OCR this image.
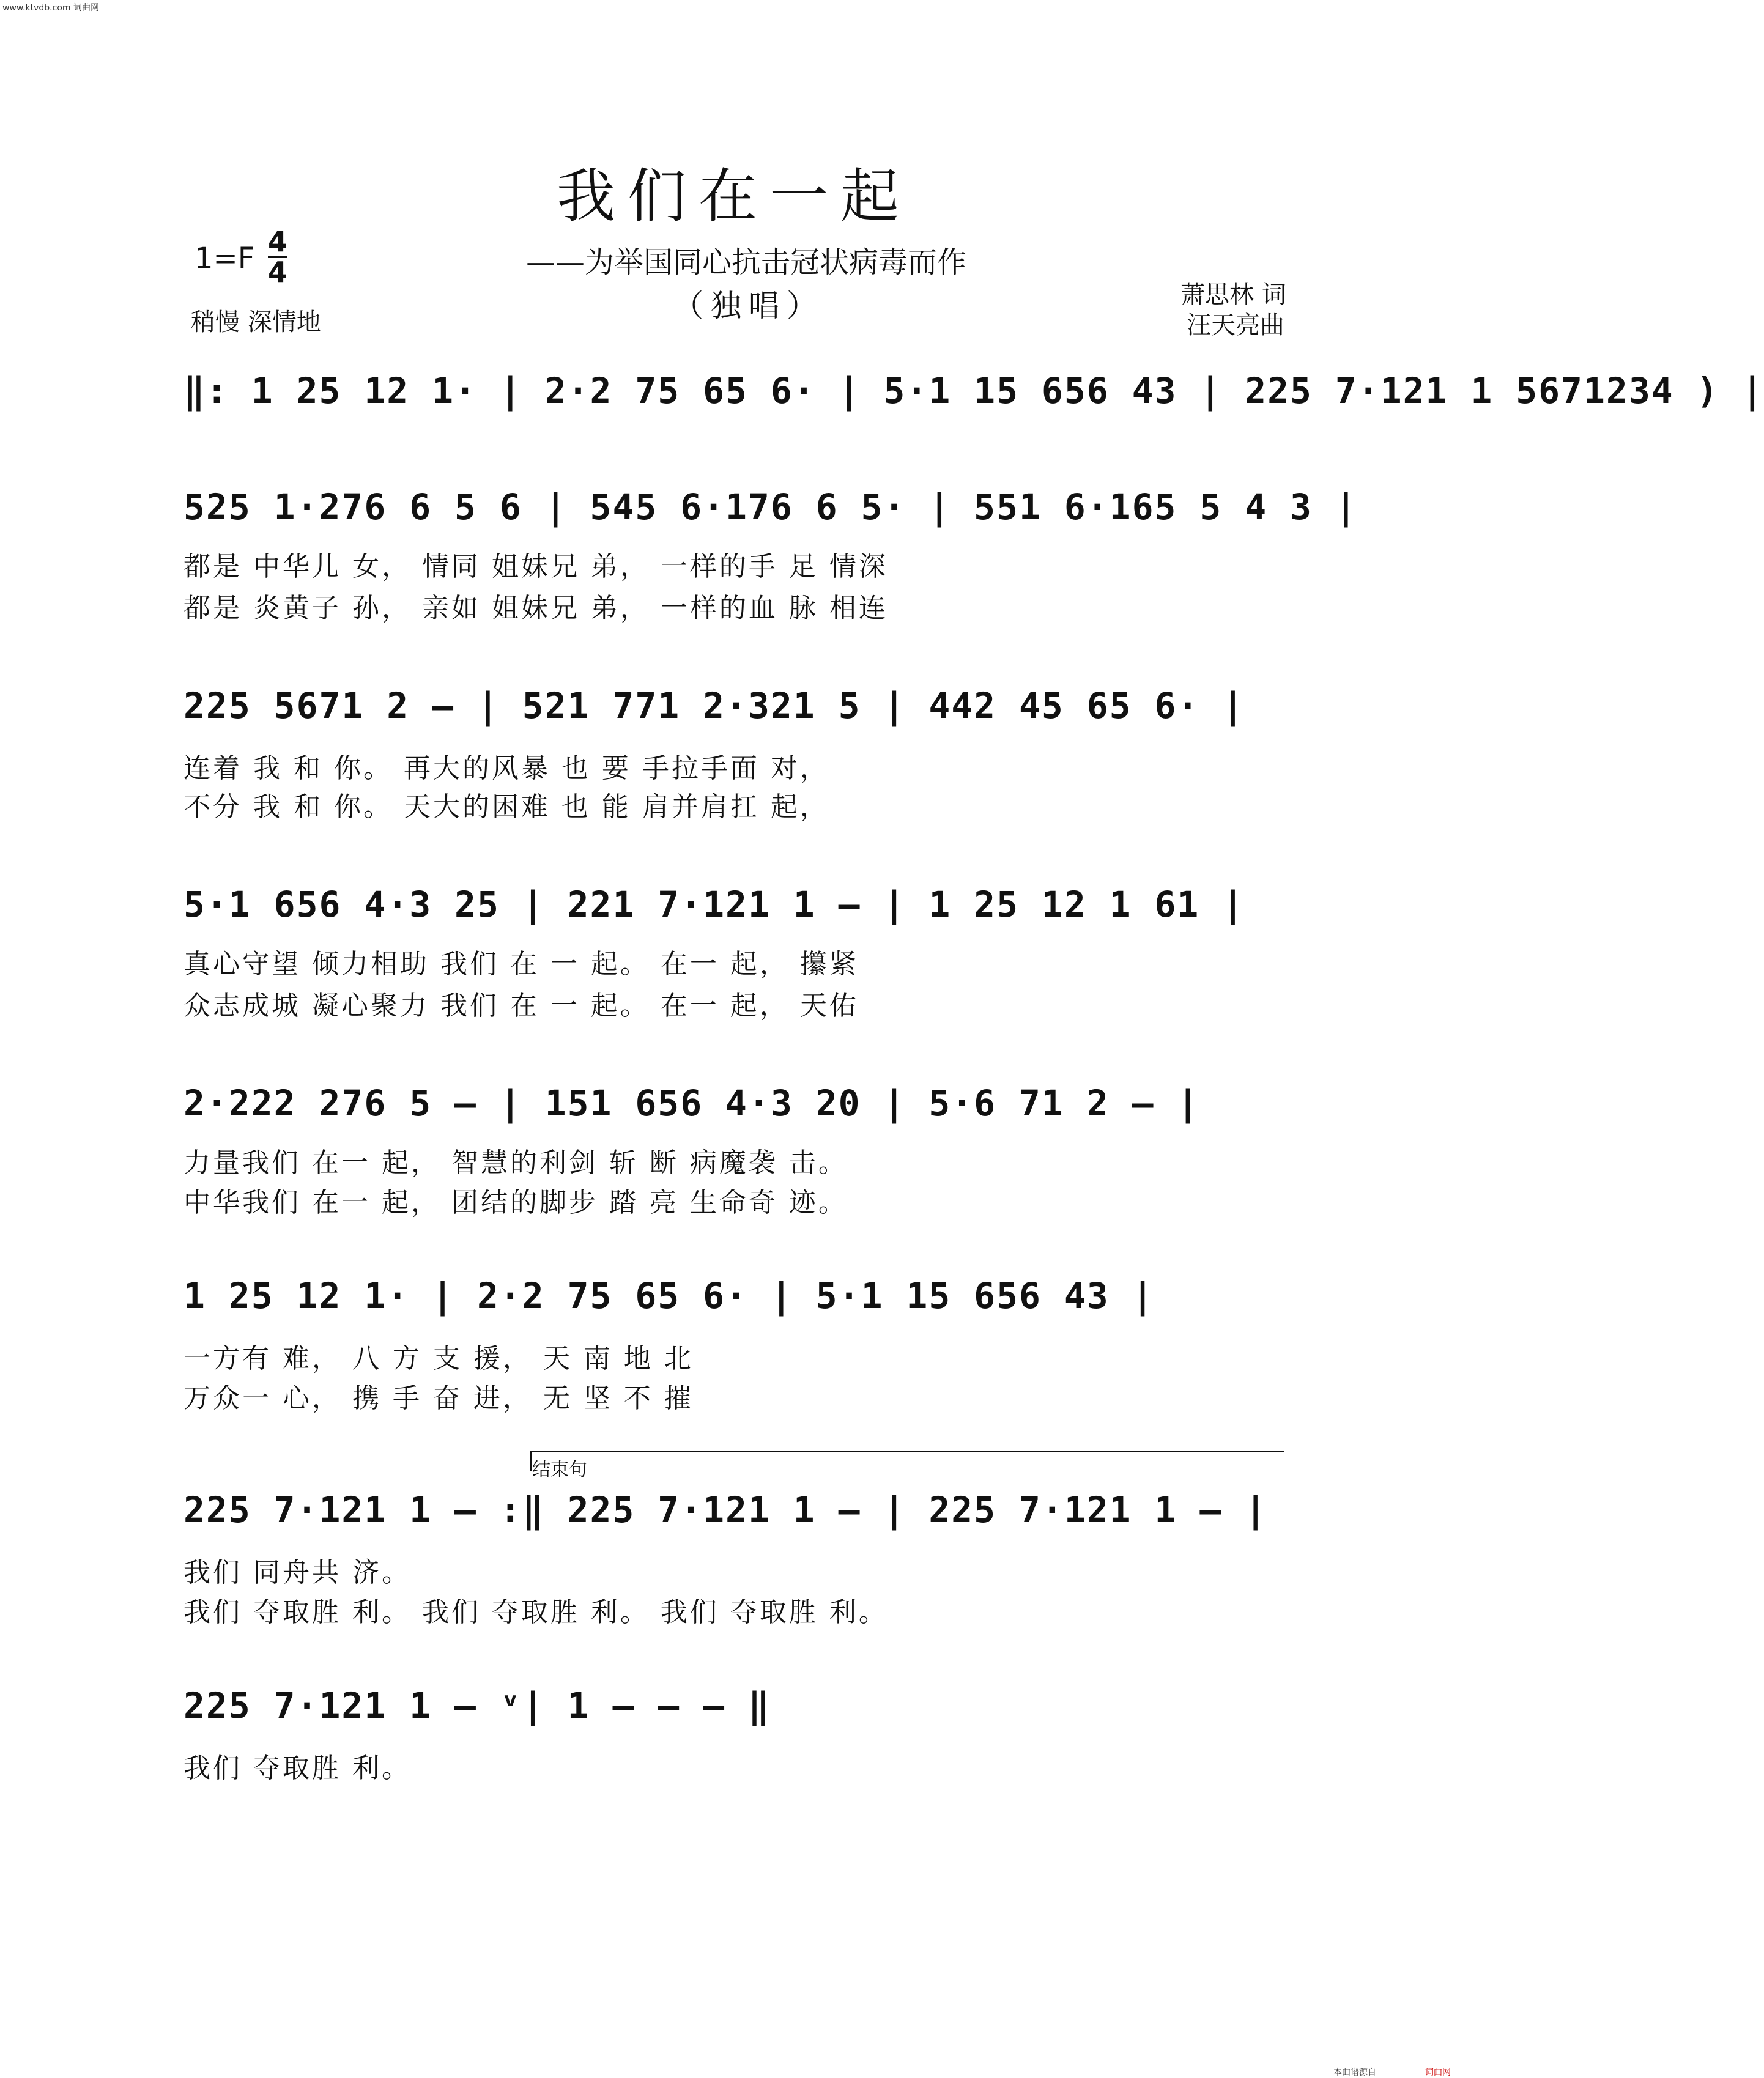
www.ktvdb.com 词曲网
我们在一起
——为举国同心抗击冠状病毒而作
（独唱）
1=F 4
4
稍慢 深情地
萧思林 词
汪天亮曲
‖: 1 25 12 1· | 2·2 75 65 6· | 5·1 15 656 43 | 225 7·121 1 5671234 ) |
525 1·276 6 5 6 | 545 6·176 6 5· | 551 6·165 5 4 3 |
都是 中华儿 女， 情同 姐妹兄 弟， 一样的手 足 情深
都是 炎黄子 孙， 亲如 姐妹兄 弟， 一样的血 脉 相连
225 5671 2 – | 521 771 2·321 5 | 442 45 65 6· |
连着 我 和 你。 再大的风暴 也 要 手拉手面 对，
不分 我 和 你。 天大的困难 也 能 肩并肩扛 起，
5·1 656 4·3 25 | 221 7·121 1 – | 1 25 12 1 61 |
真心守望 倾力相助 我们 在 一 起。 在一 起， 攥紧
众志成城 凝心聚力 我们 在 一 起。 在一 起， 天佑
2·222 276 5 – | 151 656 4·3 20 | 5·6 71 2 – |
力量我们 在一 起， 智慧的利剑 斩 断 病魔袭 击。
中华我们 在一 起， 团结的脚步 踏 亮 生命奇 迹。
1 25 12 1· | 2·2 75 65 6· | 5·1 15 656 43 |
一方有 难， 八 方 支 援， 天 南 地 北
万众一 心， 携 手 奋 进， 无 坚 不 摧
结束句
225 7·121 1 – :‖ 225 7·121 1 – | 225 7·121 1 – |
我们 同舟共 济。
我们 夺取胜 利。 我们 夺取胜 利。 我们 夺取胜 利。
225 7·121 1 – ᵛ| 1 – – – ‖
我们 夺取胜 利。
本曲谱源自	词曲网
